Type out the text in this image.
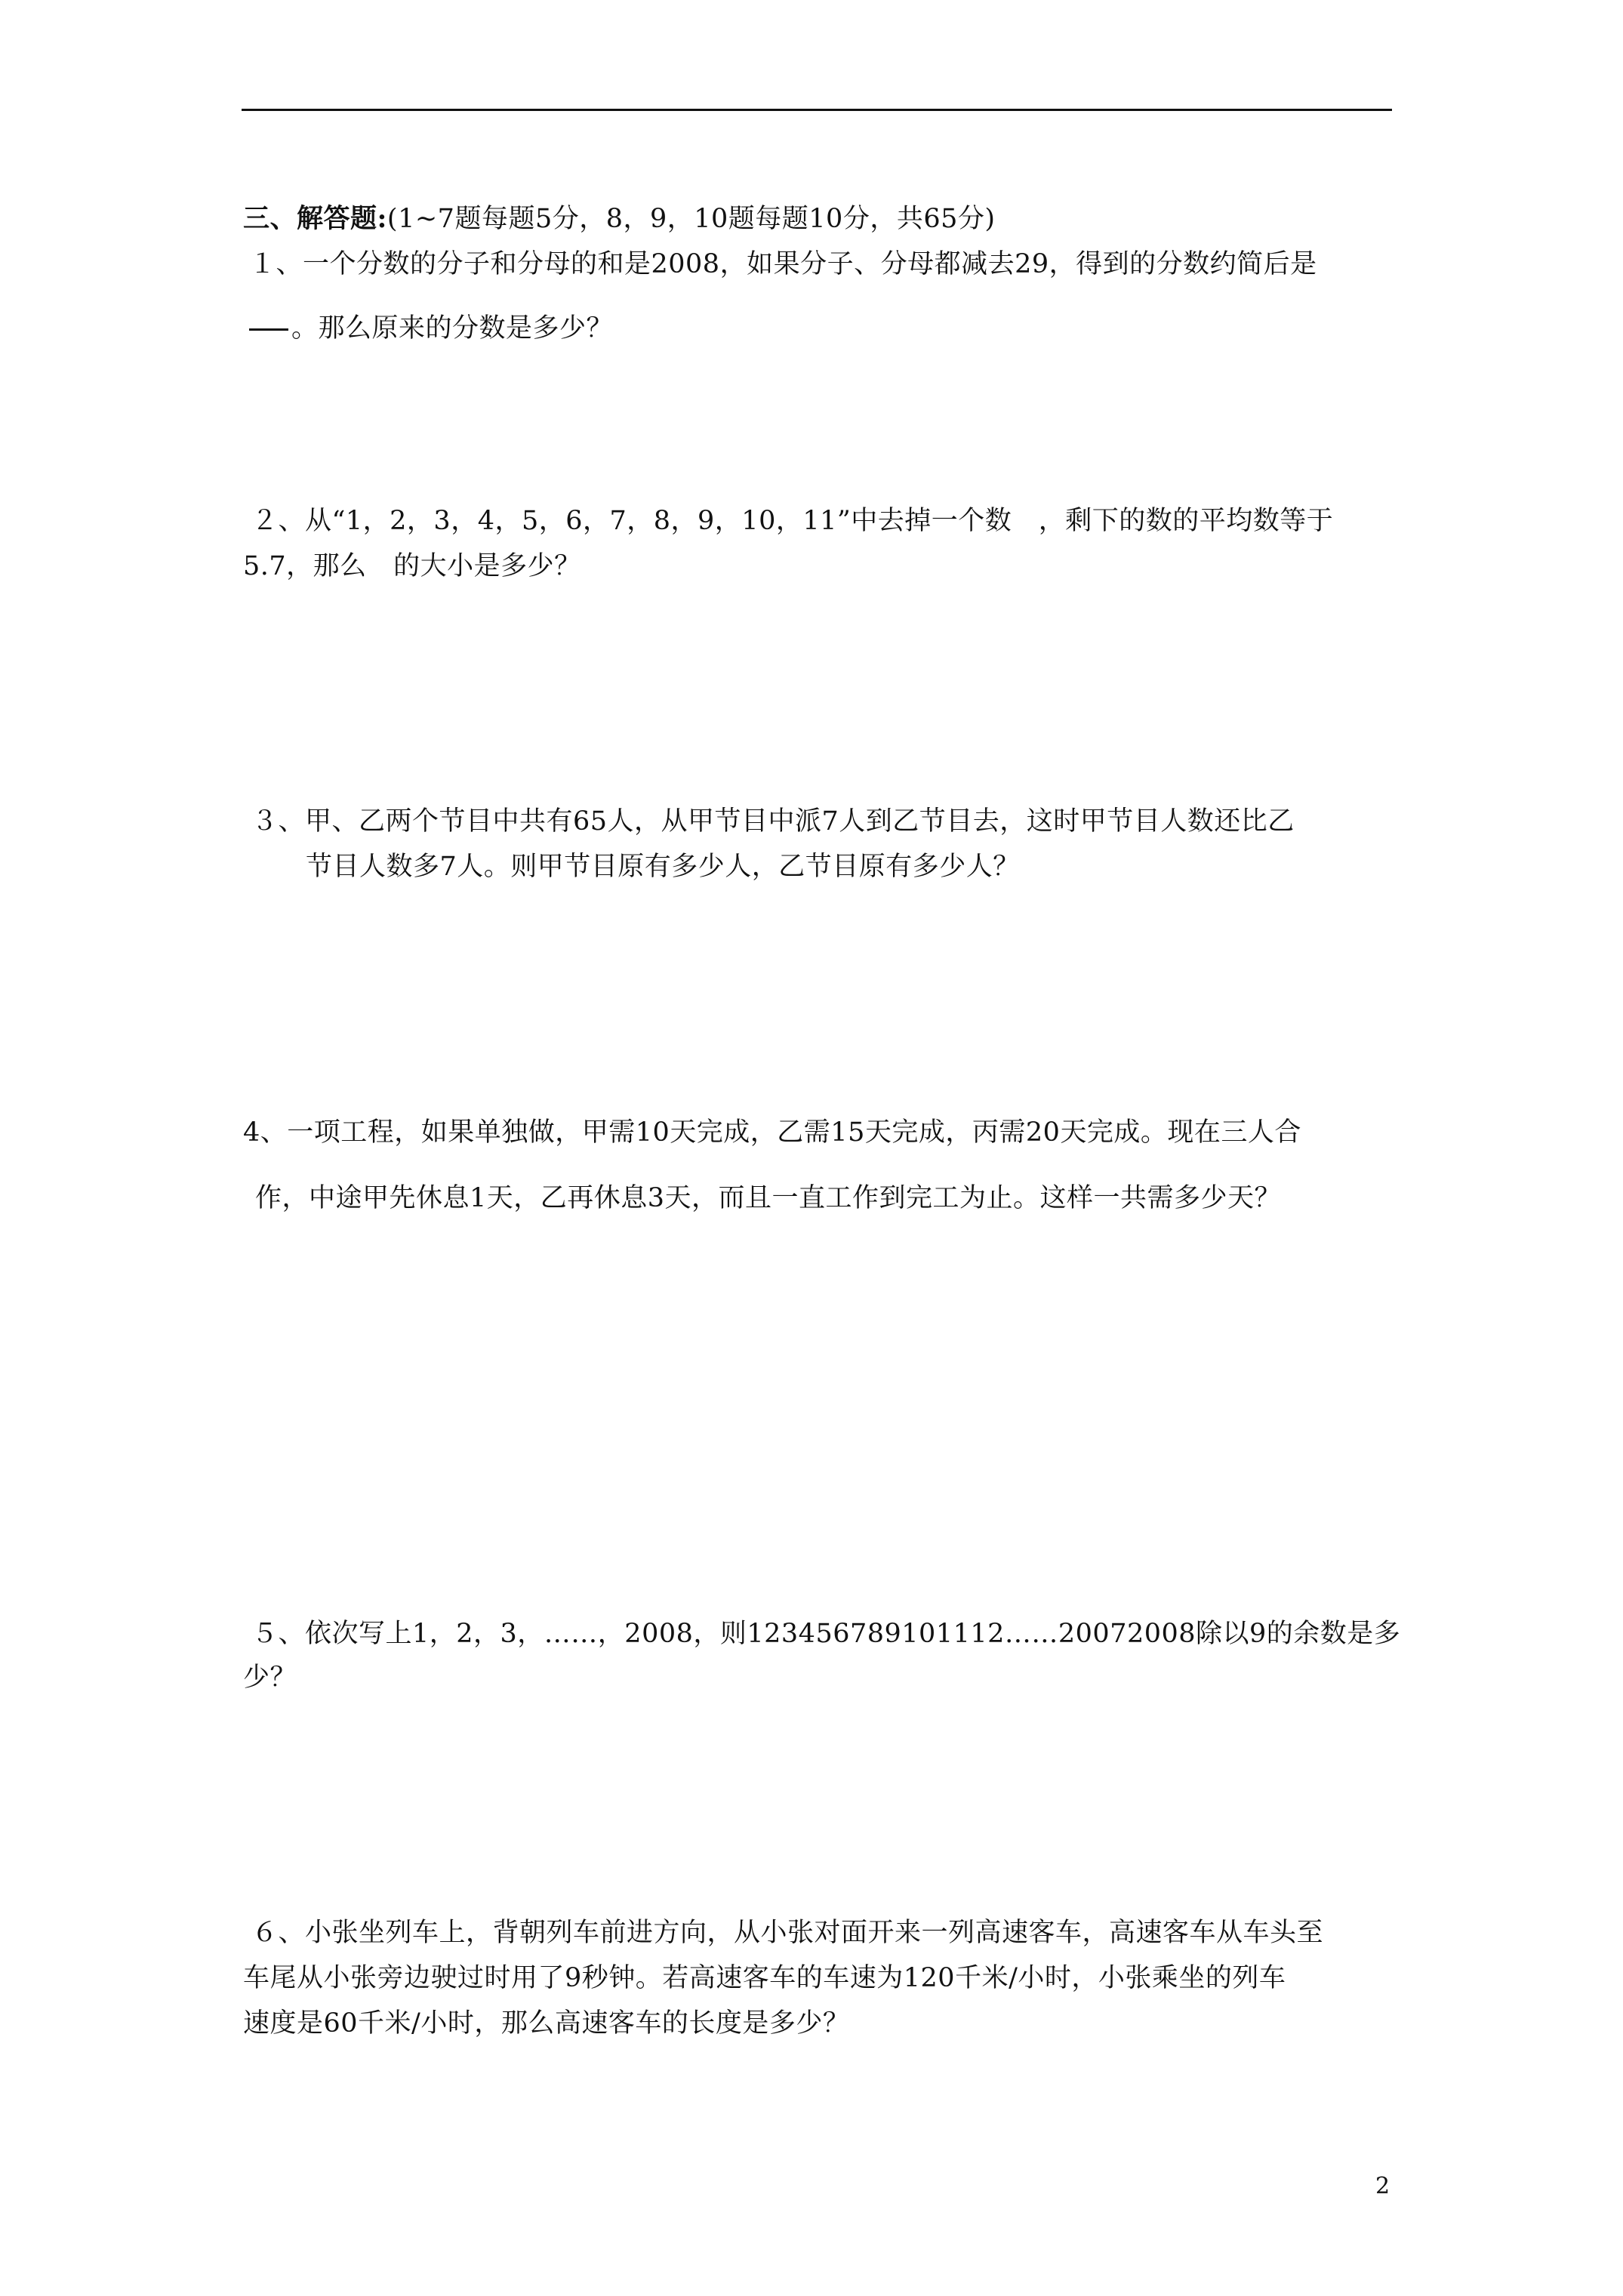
三、解答题:(1~7题每题5分，8，9，10题每题10分，共65分)
１、一个分数的分子和分母的和是2008，如果分子、分母都减去29，得到的分数约简后是
。那么原来的分数是多少？
２、从“1，2，3，4，5，6，7，8，9，10，11”中去掉一个数　，剩下的数的平均数等于
5.7，那么　的大小是多少？
３、甲、乙两个节目中共有65人，从甲节目中派7人到乙节目去，这时甲节目人数还比乙
节目人数多7人。则甲节目原有多少人，乙节目原有多少人？
4、一项工程，如果单独做，甲需10天完成，乙需15天完成，丙需20天完成。现在三人合
作，中途甲先休息1天，乙再休息3天，而且一直工作到完工为止。这样一共需多少天？
５、依次写上1，2，3，……，2008，则123456789101112……20072008除以9的余数是多
少？
６、小张坐列车上，背朝列车前进方向，从小张对面开来一列高速客车，高速客车从车头至
车尾从小张旁边驶过时用了9秒钟。若高速客车的车速为120千米/小时，小张乘坐的列车
速度是60千米/小时，那么高速客车的长度是多少？
2
